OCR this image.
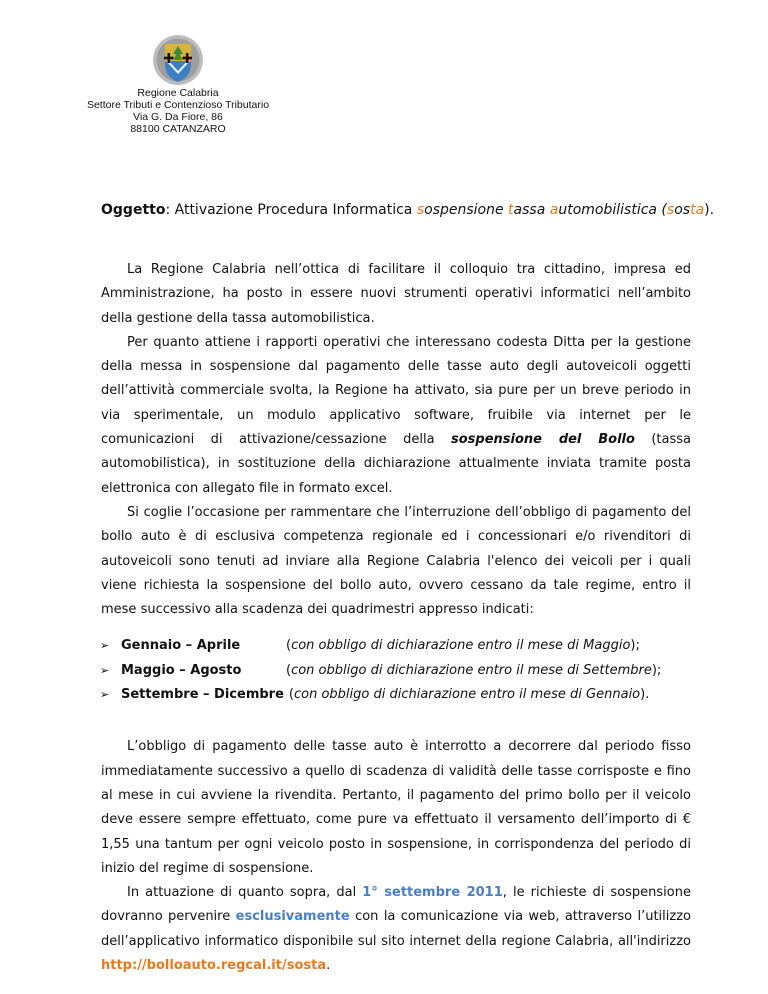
Regione Calabria
Settore Tributi e Contenzioso Tributario
Via G. Da Fiore, 86
88100 CATANZARO
Oggetto: Attivazione Procedura Informatica sospensione tassa automobilistica (sosta).

La Regione Calabria nell’ottica di facilitare il colloquio tra cittadino, impresa ed Amministrazione, ha posto in essere nuovi strumenti operativi informatici nell’ambito della gestione della tassa automobilistica.

Per quanto attiene i rapporti operativi che interessano codesta Ditta per la gestione della messa in sospensione dal pagamento delle tasse auto degli autoveicoli oggetti dell’attività commerciale svolta, la Regione ha attivato, sia pure per un breve periodo in via sperimentale, un modulo applicativo software, fruibile via internet per le comunicazioni di attivazione/cessazione della sospensione del Bollo (tassa automobilistica), in sostituzione della dichiarazione attualmente inviata tramite posta elettronica con allegato file in formato excel.

Si coglie l’occasione per rammentare che l’interruzione dell’obbligo di pagamento del bollo auto è di esclusiva competenza regionale ed i concessionari e/o rivenditori di autoveicoli sono tenuti ad inviare alla Regione Calabria l'elenco dei veicoli per i quali viene richiesta la sospensione del bollo auto, ovvero cessano da tale regime, entro il mese successivo alla scadenza dei quadrimestri appresso indicati:

➢ Gennaio – Aprile	(con obbligo di dichiarazione entro il mese di Maggio);
➢ Maggio – Agosto	(con obbligo di dichiarazione entro il mese di Settembre);
➢ Settembre – Dicembre (con obbligo di dichiarazione entro il mese di Gennaio).

L’obbligo di pagamento delle tasse auto è interrotto a decorrere dal periodo fisso immediatamente successivo a quello di scadenza di validità delle tasse corrisposte e fino al mese in cui avviene la rivendita. Pertanto, il pagamento del primo bollo per il veicolo deve essere sempre effettuato, come pure va effettuato il versamento dell’importo di € 1,55 una tantum per ogni veicolo posto in sospensione, in corrispondenza del periodo di inizio del regime di sospensione.

In attuazione di quanto sopra, dal 1° settembre 2011, le richieste di sospensione dovranno pervenire esclusivamente con la comunicazione via web, attraverso l’utilizzo dell’applicativo informatico disponibile sul sito internet della regione Calabria, all'indirizzo http://bolloauto.regcal.it/sosta.
